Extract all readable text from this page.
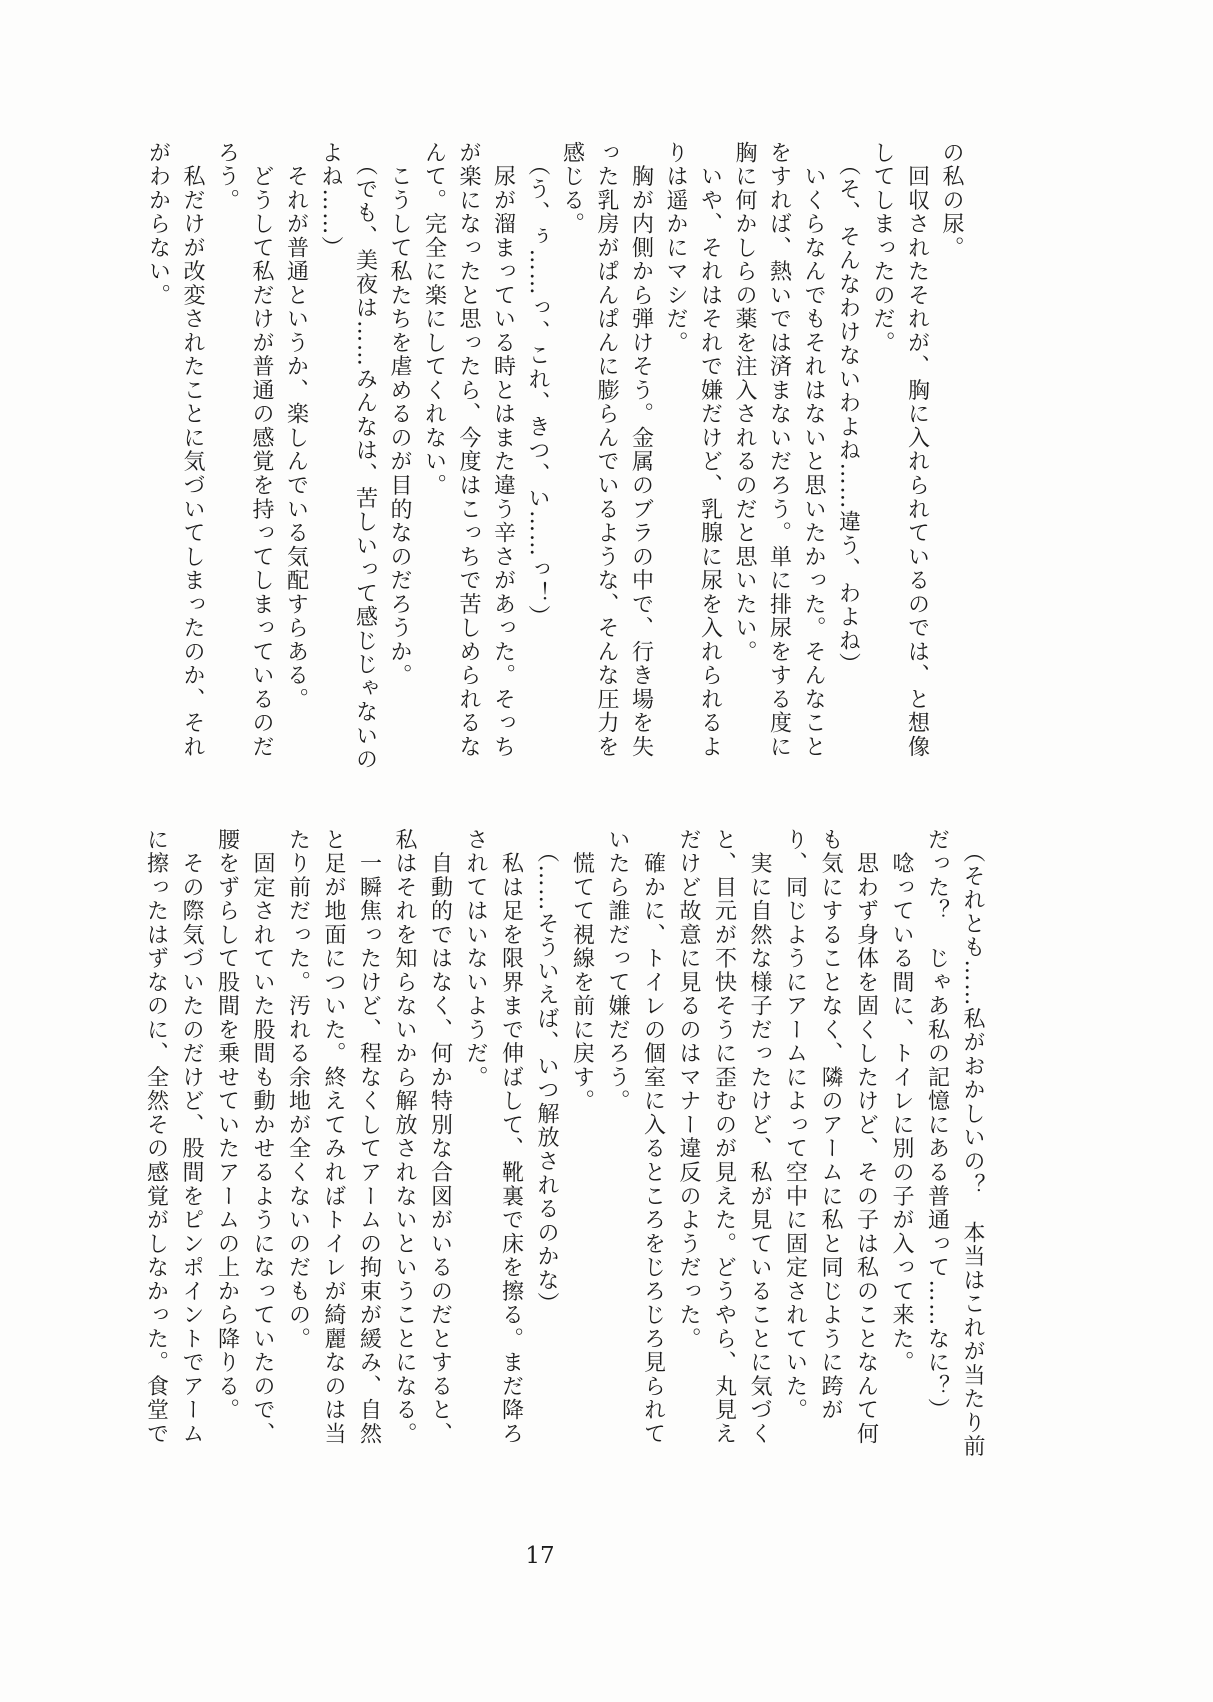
の私の尿。

　回収されたそれが、胸に入れられているのでは、と想像

してしまったのだ。

　（そ、そんなわけないわよね……違う、わよね）

　いくらなんでもそれはないと思いたかった。そんなこと

をすれば、熱いでは済まないだろう。単に排尿をする度に

胸に何かしらの薬を注入されるのだと思いたい。

　いや、それはそれで嫌だけど、乳腺に尿を入れられるよ

りは遥かにマシだ。

　胸が内側から弾けそう。金属のブラの中で、行き場を失

った乳房がぱんぱんに膨らんでいるような、そんな圧力を

感じる。

　（う、ぅ……っ、これ、きつ、い……っ！）

　尿が溜まっている時とはまた違う辛さがあった。そっち

が楽になったと思ったら、今度はこっちで苦しめられるな

んて。完全に楽にしてくれない。

　こうして私たちを虐めるのが目的なのだろうか。

　（でも、美夜は……みんなは、苦しいって感じじゃないの

よね……）

　それが普通というか、楽しんでいる気配すらある。

　どうして私だけが普通の感覚を持ってしまっているのだ

ろう。

　私だけが改変されたことに気づいてしまったのか、それ

がわからない。

　（それとも……私がおかしいの？　本当はこれが当たり前

だった？　じゃあ私の記憶にある普通って……なに？）

　唸っている間に、トイレに別の子が入って来た。

　思わず身体を固くしたけど、その子は私のことなんて何

も気にすることなく、隣のアームに私と同じように跨が

り、同じようにアームによって空中に固定されていた。

　実に自然な様子だったけど、私が見ていることに気づく

と、目元が不快そうに歪むのが見えた。どうやら、丸見え

だけど故意に見るのはマナー違反のようだった。

　確かに、トイレの個室に入るところをじろじろ見られて

いたら誰だって嫌だろう。

　慌てて視線を前に戻す。

　（……そういえば、いつ解放されるのかな）

　私は足を限界まで伸ばして、靴裏で床を擦る。まだ降ろ

されてはいないようだ。

　自動的ではなく、何か特別な合図がいるのだとすると、

私はそれを知らないから解放されないということになる。

　一瞬焦ったけど、程なくしてアームの拘束が緩み、自然

と足が地面についた。終えてみればトイレが綺麗なのは当

たり前だった。汚れる余地が全くないのだもの。

　固定されていた股間も動かせるようになっていたので、

腰をずらして股間を乗せていたアームの上から降りる。

　その際気づいたのだけど、股間をピンポイントでアーム

に擦ったはずなのに、全然その感覚がしなかった。食堂で

17
